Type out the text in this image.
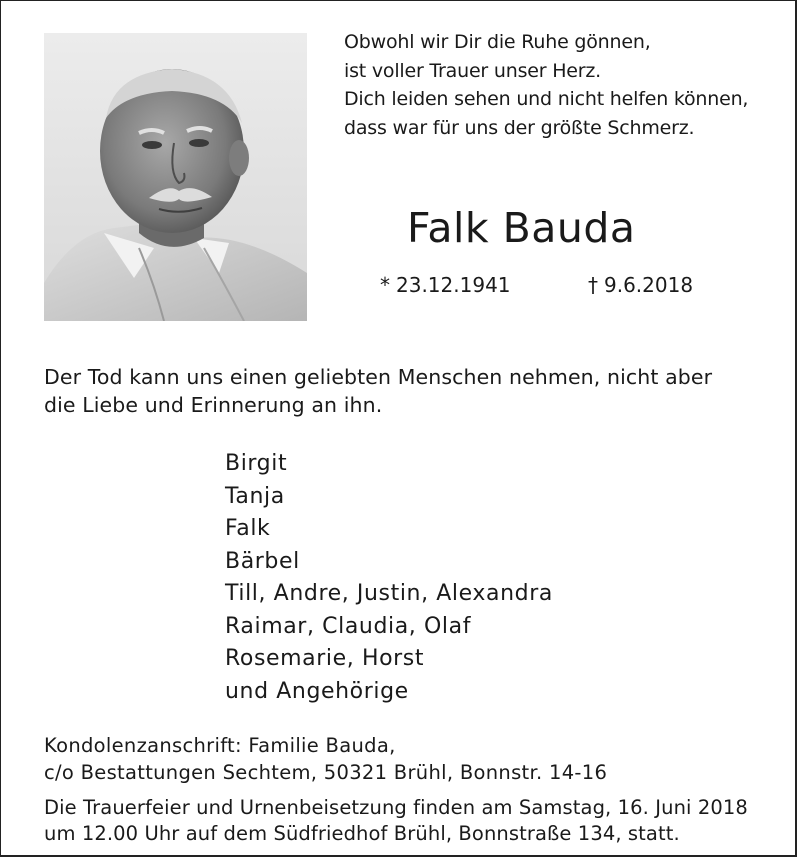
Obwohl wir Dir die Ruhe gönnen,
ist voller Trauer unser Herz.
Dich leiden sehen und nicht helfen können,
dass war für uns der größte Schmerz.
Falk Bauda
* 23.12.1941	† 9.6.2018
Der Tod kann uns einen geliebten Menschen nehmen, nicht aber
die Liebe und Erinnerung an ihn.
Birgit
Tanja
Falk
Bärbel
Till, Andre, Justin, Alexandra
Raimar, Claudia, Olaf
Rosemarie, Horst
und Angehörige
Kondolenzanschrift: Familie Bauda,
c/o Bestattungen Sechtem, 50321 Brühl, Bonnstr. 14-16
Die Trauerfeier und Urnenbeisetzung finden am Samstag, 16. Juni 2018
um 12.00 Uhr auf dem Südfriedhof Brühl, Bonnstraße 134, statt.
